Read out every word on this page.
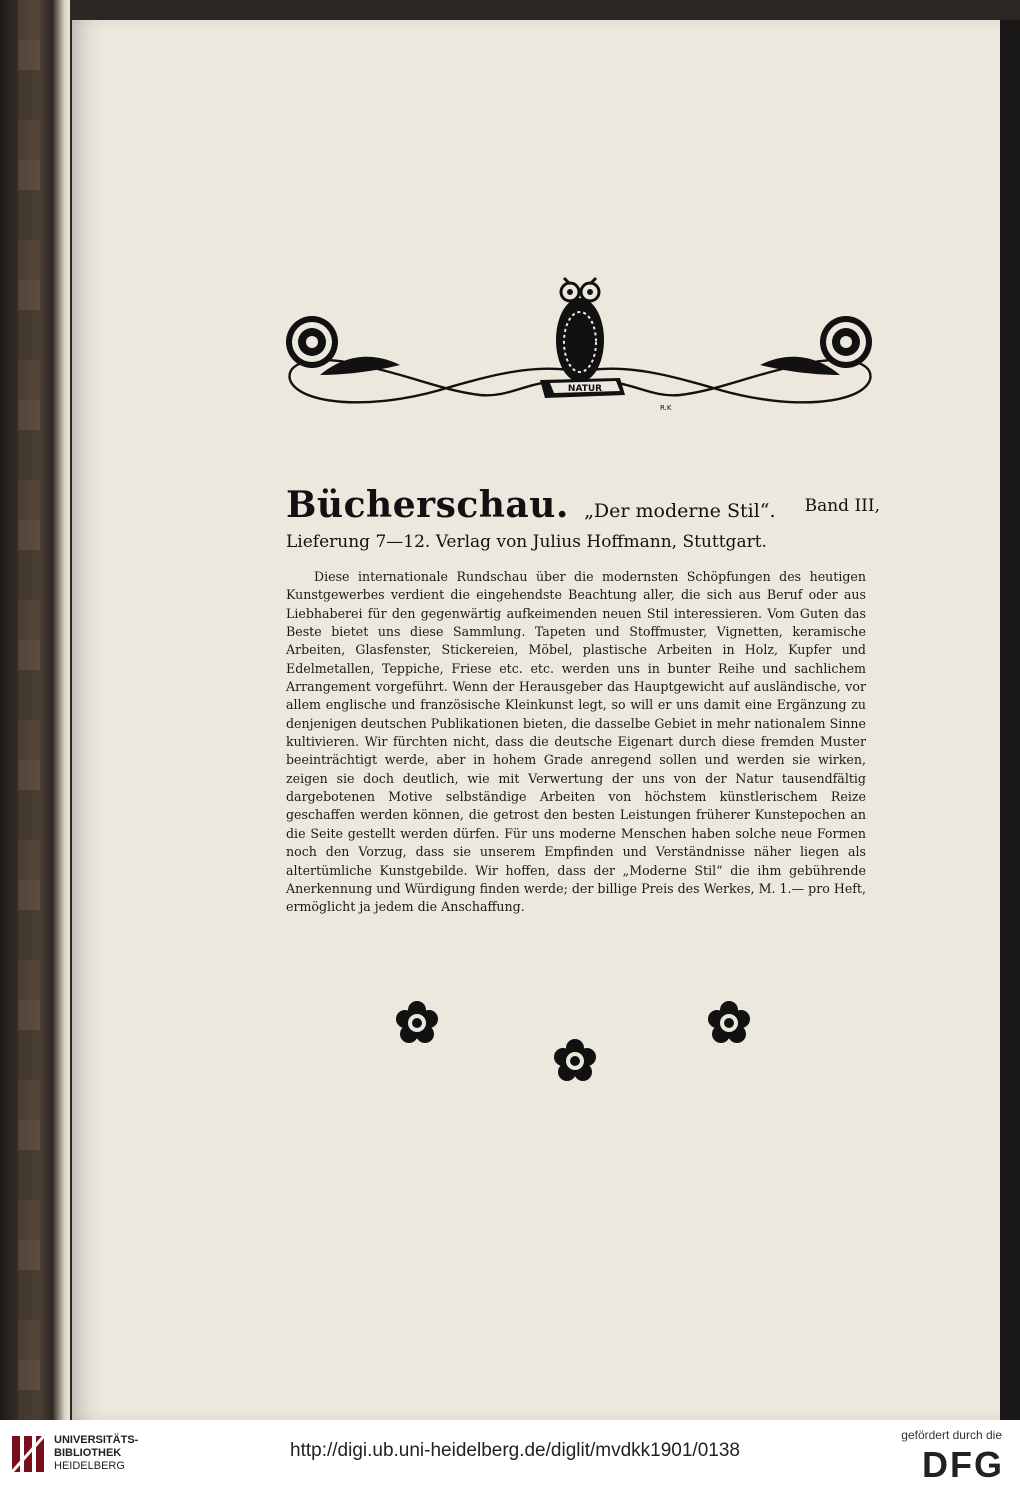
NATUR
R.K
Bücherschau. „Der moderne Stil“. Band III,
Lieferung 7—12. Verlag von Julius Hoffmann, Stuttgart.
Diese internationale Rundschau über die modernsten Schöpfungen des heutigen Kunstgewerbes verdient die eingehendste Beachtung aller, die sich aus Beruf oder aus Liebhaberei für den gegenwärtig aufkeimenden neuen Stil interessieren. Vom Guten das Beste bietet uns diese Sammlung. Tapeten und Stoffmuster, Vignetten, keramische Arbeiten, Glasfenster, Stickereien, Möbel, plastische Arbeiten in Holz, Kupfer und Edelmetallen, Teppiche, Friese etc. etc. werden uns in bunter Reihe und sachlichem Arrangement vorgeführt. Wenn der Herausgeber das Hauptgewicht auf ausländische, vor allem englische und französische Kleinkunst legt, so will er uns damit eine Ergänzung zu denjenigen deutschen Publikationen bieten, die dasselbe Gebiet in mehr nationalem Sinne kultivieren. Wir fürchten nicht, dass die deutsche Eigenart durch diese fremden Muster beeinträchtigt werde, aber in hohem Grade anregend sollen und werden sie wirken, zeigen sie doch deutlich, wie mit Verwertung der uns von der Natur tausendfältig dargebotenen Motive selbständige Arbeiten von höchstem künstlerischem Reize geschaffen werden können, die getrost den besten Leistungen früherer Kunstepochen an die Seite gestellt werden dürfen. Für uns moderne Menschen haben solche neue Formen noch den Vorzug, dass sie unserem Empfinden und Verständnisse näher liegen als altertümliche Kunstgebilde. Wir hoffen, dass der „Moderne Stil“ die ihm gebührende Anerkennung und Würdigung finden werde; der billige Preis des Werkes, M. 1.— pro Heft, ermöglicht ja jedem die Anschaffung.
UNIVERSITÄTS-
BIBLIOTHEK
HEIDELBERG
http://digi.ub.uni-heidelberg.de/diglit/mvdkk1901/0138
gefördert durch die
DFG
